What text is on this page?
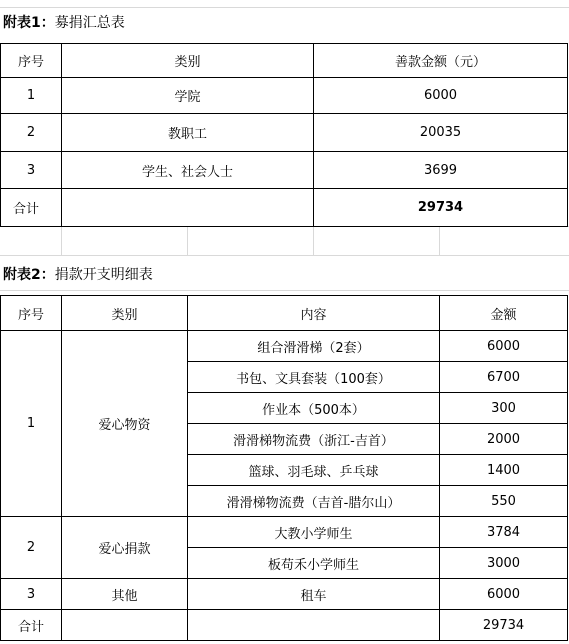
附表1：募捐汇总表
序号	类别	善款金额（元）
1	学院	6000
2	教职工	20035
3	学生、社会人士	3699
合计		29734
附表2：捐款开支明细表
序号	类别	内容	金额
1	爱心物资	组合滑滑梯（2套）	6000
		书包、文具套装（100套）	6700
		作业本（500本）	300
		滑滑梯物流费（浙江-吉首）	2000
		篮球、羽毛球、乒乓球	1400
		滑滑梯物流费（吉首-腊尔山）	550
2	爱心捐款	大教小学师生	3784
		板苟禾小学师生	3000
3	其他	租车	6000
合计			29734
